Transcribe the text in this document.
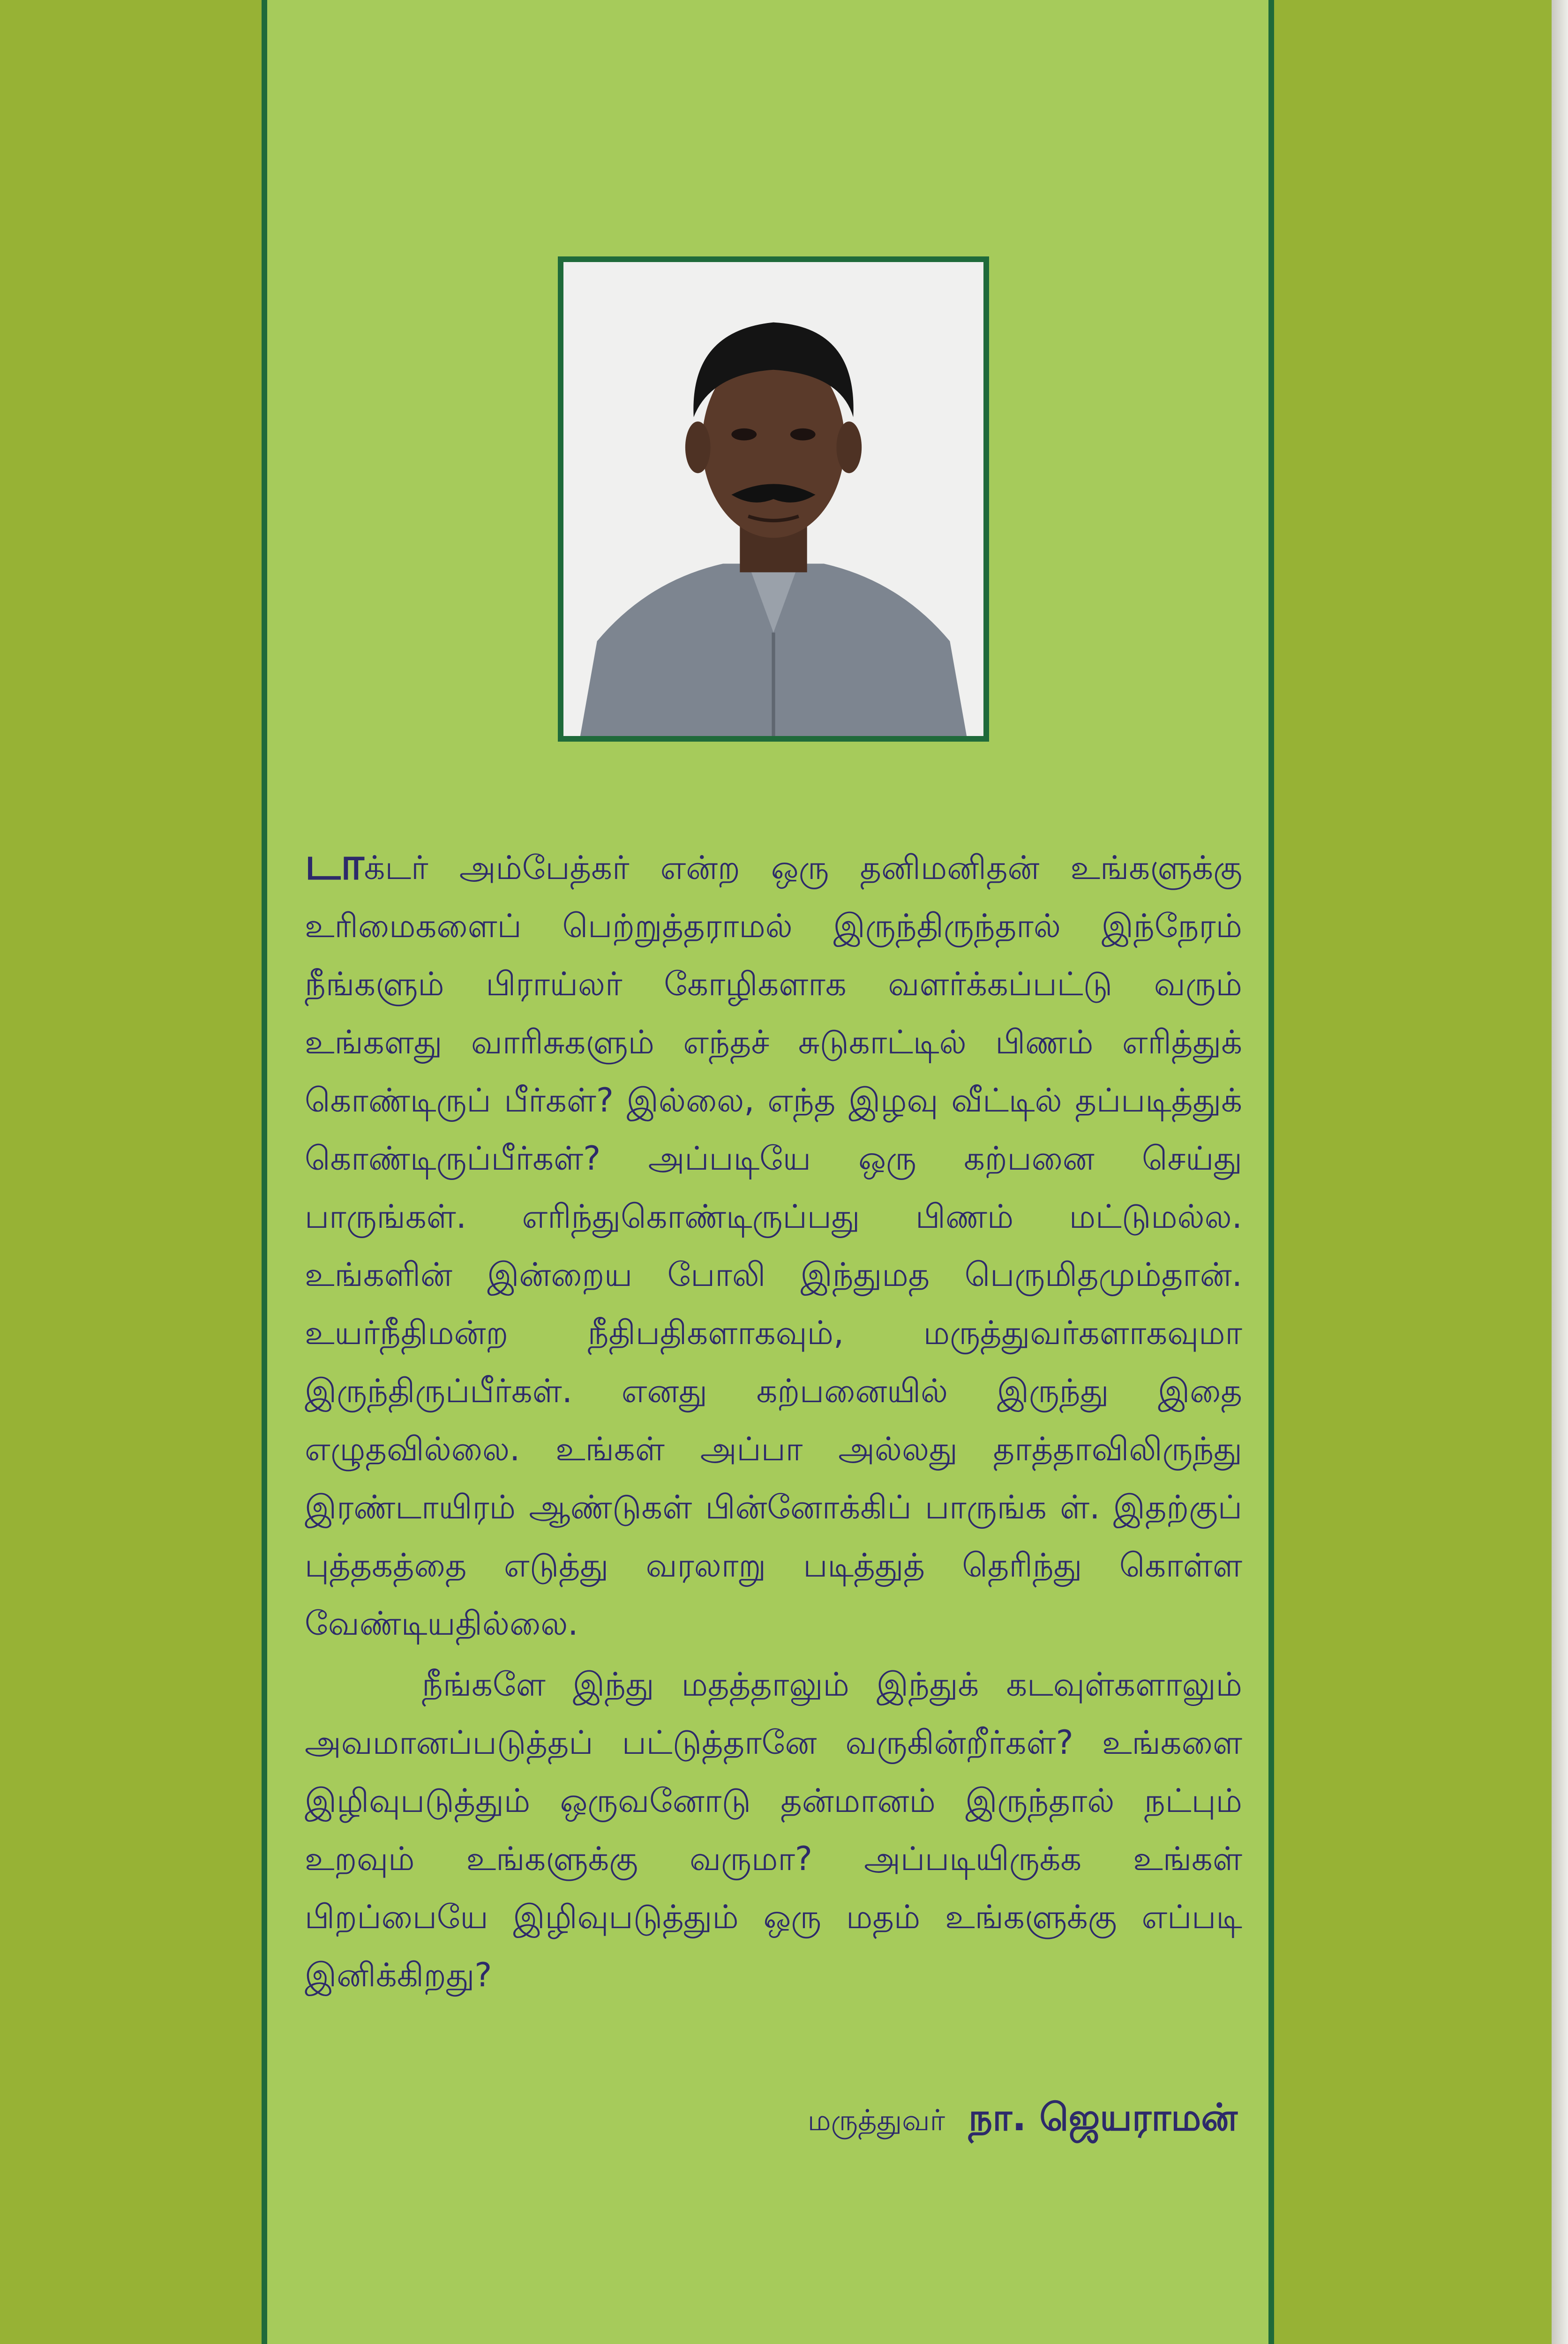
டாக்டர் அம்பேத்கர் என்ற ஒரு தனிமனிதன் உங்களுக்கு உரிமைகளைப் பெற்றுத்தராமல் இருந்திருந்தால் இந்நேரம் நீங்களும் பிராய்லர் கோழிகளாக வளர்க்கப்பட்டு வரும் உங்களது வாரிசுகளும் எந்தச் சுடுகாட்டில் பிணம் எரித்துக் கொண்டிருப் பீர்கள்? இல்லை, எந்த இழவு வீட்டில் தப்படித்துக் கொண்டிருப்பீர்கள்? அப்படியே ஒரு கற்பனை செய்து பாருங்கள். எரிந்துகொண்டிருப்பது பிணம் மட்டுமல்ல. உங்களின் இன்றைய போலி இந்துமத பெருமிதமும்தான். உயர்நீதிமன்ற நீதிபதிகளாகவும், மருத்துவர்களாகவுமா இருந்திருப்பீர்கள். எனது கற்பனையில் இருந்து இதை எழுதவில்லை. உங்கள் அப்பா அல்லது தாத்தாவிலிருந்து இரண்டாயிரம் ஆண்டுகள் பின்னோக்கிப் பாருங்க ள். இதற்குப் புத்தகத்தை எடுத்து வரலாறு படித்துத் தெரிந்து கொள்ள வேண்டியதில்லை.

நீங்களே இந்து மதத்தாலும் இந்துக் கடவுள்களாலும் அவமானப்படுத்தப் பட்டுத்தானே வருகின்றீர்கள்? உங்களை இழிவுபடுத்தும் ஒருவனோடு தன்மானம் இருந்தால் நட்பும் உறவும் உங்களுக்கு வருமா? அப்படியிருக்க உங்கள் பிறப்பையே இழிவுபடுத்தும் ஒரு மதம் உங்களுக்கு எப்படி இனிக்கிறது?

மருத்துவர் நா. ஜெயராமன்
